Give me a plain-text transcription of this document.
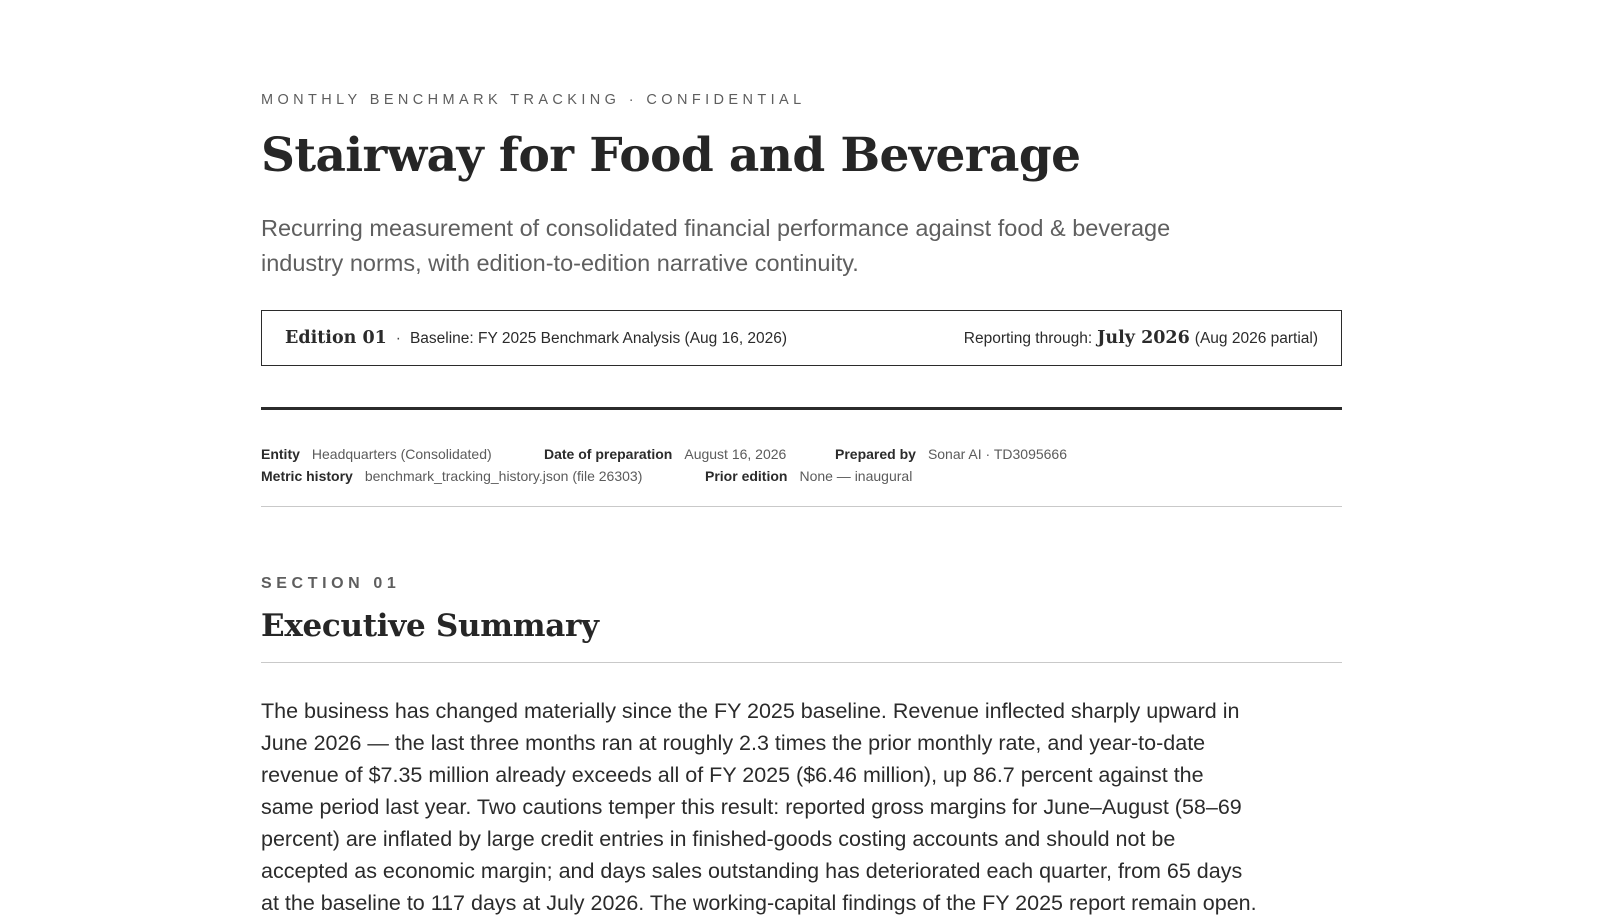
MONTHLY BENCHMARK TRACKING · CONFIDENTIAL
Stairway for Food and Beverage

Recurring measurement of consolidated financial performance against food & beverage industry norms, with edition-to-edition narrative continuity.

Edition 01 · Baseline: FY 2025 Benchmark Analysis (Aug 16, 2026)	Reporting through: July 2026 (Aug 2026 partial)
Entity Headquarters (Consolidated)	Date of preparation August 16, 2026	Prepared by Sonar AI · TD3095666
Metric history benchmark_tracking_history.json (file 26303)	Prior edition None — inaugural
SECTION 01
Executive Summary

The business has changed materially since the FY 2025 baseline. Revenue inflected sharply upward in June 2026 — the last three months ran at roughly 2.3 times the prior monthly rate, and year-to-date revenue of $7.35 million already exceeds all of FY 2025 ($6.46 million), up 86.7 percent against the same period last year. Two cautions temper this result: reported gross margins for June–August (58–69 percent) are inflated by large credit entries in finished-goods costing accounts and should not be accepted as economic margin; and days sales outstanding has deteriorated each quarter, from 65 days at the baseline to 117 days at July 2026. The working-capital findings of the FY 2025 report remain open.
